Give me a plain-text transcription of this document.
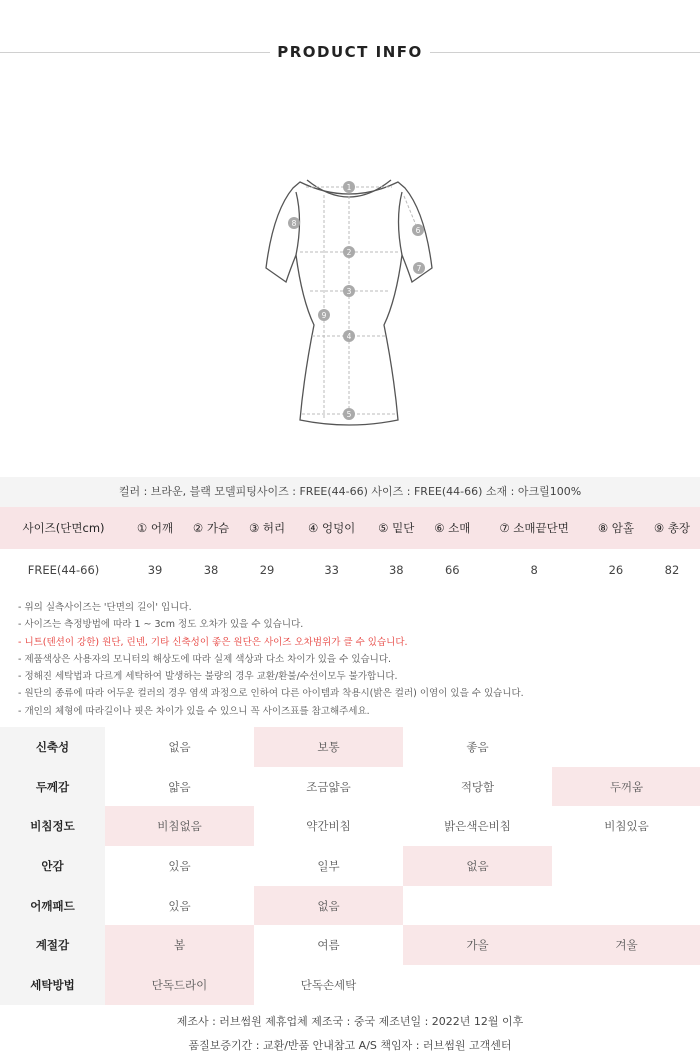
PRODUCT INFO
1
2
3
4
5
6
7
8
9
컬러 : 브라운, 블랙 모델피팅사이즈 : FREE(44-66) 사이즈 : FREE(44-66) 소재 : 아크릴100%
사이즈(단면cm)	① 어깨	② 가슴	③ 허리	④ 엉덩이	⑤ 밑단	⑥ 소매	⑦ 소매끝단면	⑧ 암홀	⑨ 총장
FREE(44-66)	39	38	29	33	38	66	8	26	82
- 위의 실측사이즈는 '단면의 길이' 입니다.
- 사이즈는 측정방법에 따라 1 ~ 3cm 정도 오차가 있을 수 있습니다.
- 니트(텐션이 강한) 원단, 린넨, 기타 신축성이 좋은 원단은 사이즈 오차범위가 클 수 있습니다.
- 제품색상은 사용자의 모니터의 해상도에 따라 실제 색상과 다소 차이가 있을 수 있습니다.
- 정해진 세탁법과 다르게 세탁하여 발생하는 불량의 경우 교환/환불/수선이모두 불가합니다.
- 원단의 종류에 따라 어두운 컬러의 경우 염색 과정으로 인하여 다른 아이템과 착용시(밝은 컬러) 이염이 있을 수 있습니다.
- 개인의 체형에 따라길이나 핏은 차이가 있을 수 있으니 꼭 사이즈표를 참고해주세요.
신축성	없음	보통	좋음	
두께감	얇음	조금얇음	적당함	두꺼움
비침정도	비침없음	약간비침	밝은색은비침	비침있음
안감	있음	일부	없음	
어깨패드	있음	없음		
계절감	봄	여름	가을	겨울
세탁방법	단독드라이	단독손세탁		
제조사 : 러브썸원 제휴업체 제조국 : 중국 제조년일 : 2022년 12월 이후
품질보증기간 : 교환/반품 안내참고 A/S 책임자 : 러브썸원 고객센터
